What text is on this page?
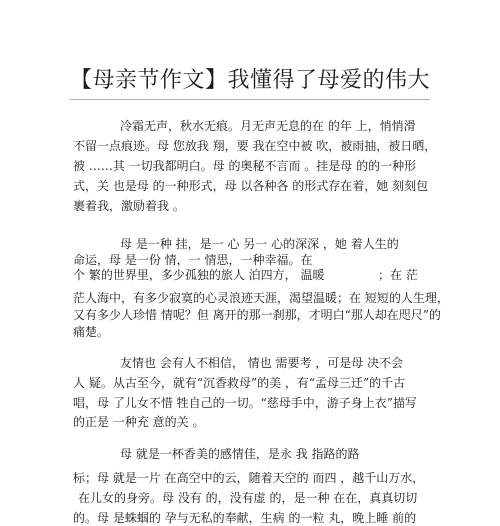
【母亲节作文】我懂得了母爱的伟大
冷霜无声，秋水无痕。月无声无息的在 的年 上，悄悄滑
不留一点痕迹。母 您放我 翔，要 我在空中被 吹，被雨抽，被日晒，
被 ……其 一切我都明白。母 的奥秘不言而 。挂是母 的的一种形
式，关 也是母 的一种形式，母 以各种各 的形式存在着，她 刻刻包
裹着我，激励着我 。
母 是一种 挂，是一 心 另一 心的深深 ，她 着人生的
命运，母 是一份 情，一 情思，一种幸福。在
个 繁的世界里，多少孤独的旅人 泊四方， 温暖	；在 茫
茫人海中，有多少寂寞的心灵浪迹天涯，渴望温暖；在 短短的人生理，
又有多少人珍惜 情呢？但 离开的那一刹那，才明白“那人却在咫尺”的
痛楚。
友情也 会有人不相信， 情也 需要考 ，可是母 决不会
人 疑。从古至今，就有“沉香救母”的美 ，有“孟母三迁”的千古
唱，母 了儿女不惜 牲自己的一切。“慈母手中，游子身上衣”描写
的正是 一种充 意的关 。
母 就是一杯香美的感情佳，是永 我 指路的路
标；母 就是一片 在高空中的云，随着天空的 而四 ，越千山万水，
在儿女的身旁。母 没有 的，没有虚 的，是一种 在在，真真切切
的。母 是蛛蝈的 孕与无私的奉献，生病 的一粒 丸，晚上睡 前的
